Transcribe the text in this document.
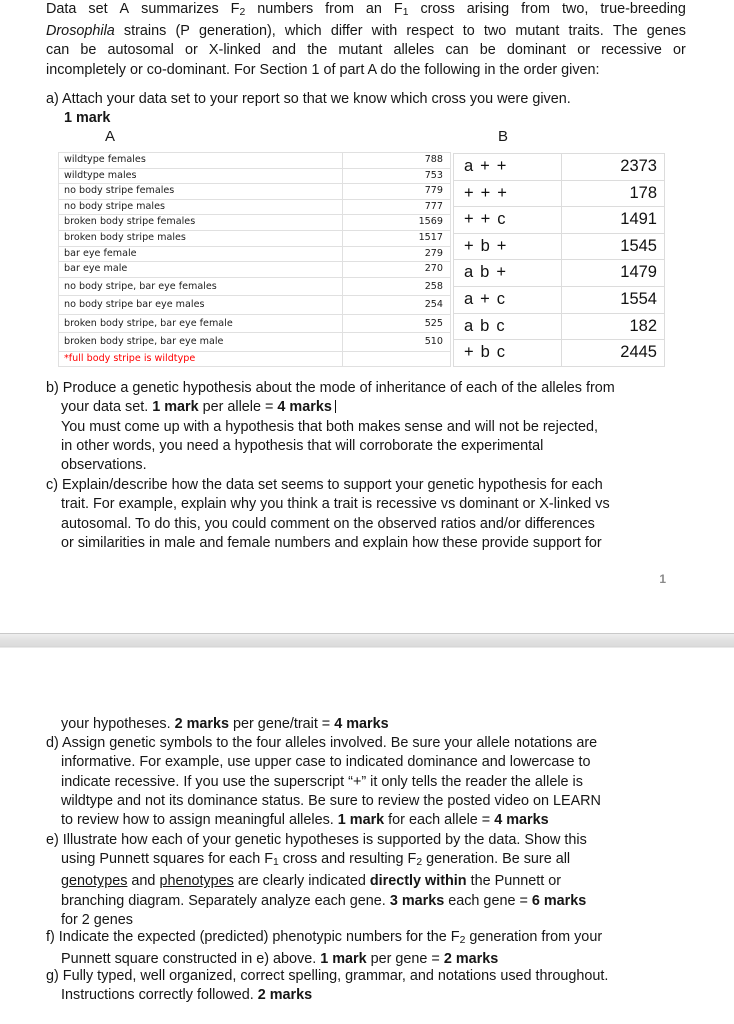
Data set A summarizes $F_2$ numbers from an $F_1$ cross arising from two, true-breeding
Drosophila strains (P generation), which differ with respect to two mutant traits. The genes
can be autosomal or X-linked and the mutant alleles can be dominant or recessive or
incompletely or co-dominant. For Section 1 of part A do the following in the order given:
a) Attach your data set to your report so that we know which cross you were given.
1 mark
A	B
wildtype females	788
wildtype males	753
no body stripe females	779
no body stripe males	777
broken body stripe females	1569
broken body stripe males	1517
bar eye female	279
bar eye male	270
no body stripe, bar eye females	258
no body stripe bar eye males	254
broken body stripe, bar eye female	525
broken body stripe, bar eye male	510
*full body stripe is wildtype	
a + +	2373
+ + +	178
+ + c	1491
+ b +	1545
a b +	1479
a + c	1554
a b c	182
+ b c	2445
b) Produce a genetic hypothesis about the mode of inheritance of each of the alleles from
your data set. 1 mark per allele = 4 marks
You must come up with a hypothesis that both makes sense and will not be rejected,
in other words, you need a hypothesis that will corroborate the experimental
observations.
c) Explain/describe how the data set seems to support your genetic hypothesis for each
trait. For example, explain why you think a trait is recessive vs dominant or X-linked vs
autosomal. To do this, you could comment on the observed ratios and/or differences
or similarities in male and female numbers and explain how these provide support for
1
your hypotheses. 2 marks per gene/trait = 4 marks
d) Assign genetic symbols to the four alleles involved. Be sure your allele notations are
informative. For example, use upper case to indicated dominance and lowercase to
indicate recessive. If you use the superscript “+” it only tells the reader the allele is
wildtype and not its dominance status. Be sure to review the posted video on LEARN
to review how to assign meaningful alleles. 1 mark for each allele = 4 marks
e) Illustrate how each of your genetic hypotheses is supported by the data. Show this
using Punnett squares for each $F_1$ cross and resulting $F_2$ generation. Be sure all
genotypes and phenotypes are clearly indicated directly within the Punnett or
branching diagram. Separately analyze each gene. 3 marks each gene = 6 marks
for 2 genes
f) Indicate the expected (predicted) phenotypic numbers for the $F_2$ generation from your
Punnett square constructed in e) above. 1 mark per gene = 2 marks
g) Fully typed, well organized, correct spelling, grammar, and notations used throughout.
Instructions correctly followed. 2 marks
